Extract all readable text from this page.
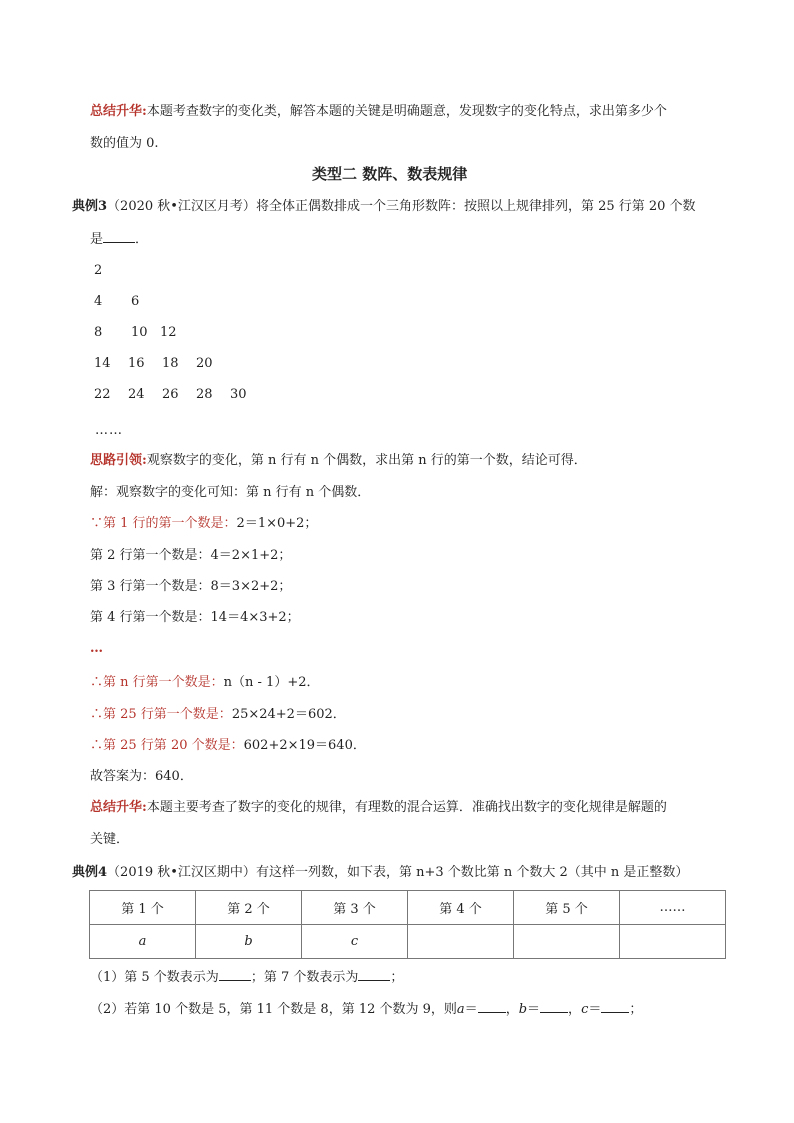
总结升华:本题考查数字的变化类，解答本题的关键是明确题意，发现数字的变化特点，求出第多少个
数的值为 0.
类型二 数阵、数表规律
典例3（2020 秋•江汉区月考）将全体正偶数排成一个三角形数阵：按照以上规律排列，第 25 行第 20 个数
是 ．
2
4 6
8 10 12
14 16 18 20
22 24 26 28 30
……
思路引领:观察数字的变化，第 n 行有 n 个偶数，求出第 n 行的第一个数，结论可得．
解：观察数字的变化可知：第 n 行有 n 个偶数．
∵第 1 行的第一个数是：2＝1×0+2；
第 2 行第一个数是：4＝2×1+2；
第 3 行第一个数是：8＝3×2+2；
第 4 行第一个数是：14＝4×3+2；
…
∴第 n 行第一个数是：n（n - 1）+2．
∴第 25 行第一个数是：25×24+2＝602．
∴第 25 行第 20 个数是：602+2×19＝640．
故答案为：640．
总结升华:本题主要考查了数字的变化的规律，有理数的混合运算．准确找出数字的变化规律是解题的
关键．
典例4（2019 秋•江汉区期中）有这样一列数，如下表，第 n+3 个数比第 n 个数大 2（其中 n 是正整数）
第 1 个	第 2 个	第 3 个	第 4 个	第 5 个	……
a	b	c			
（1）第 5 个数表示为 ；第 7 个数表示为 ；
（2）若第 10 个数是 5，第 11 个数是 8，第 12 个数为 9，则a＝ ，b＝ ，c＝ ；
